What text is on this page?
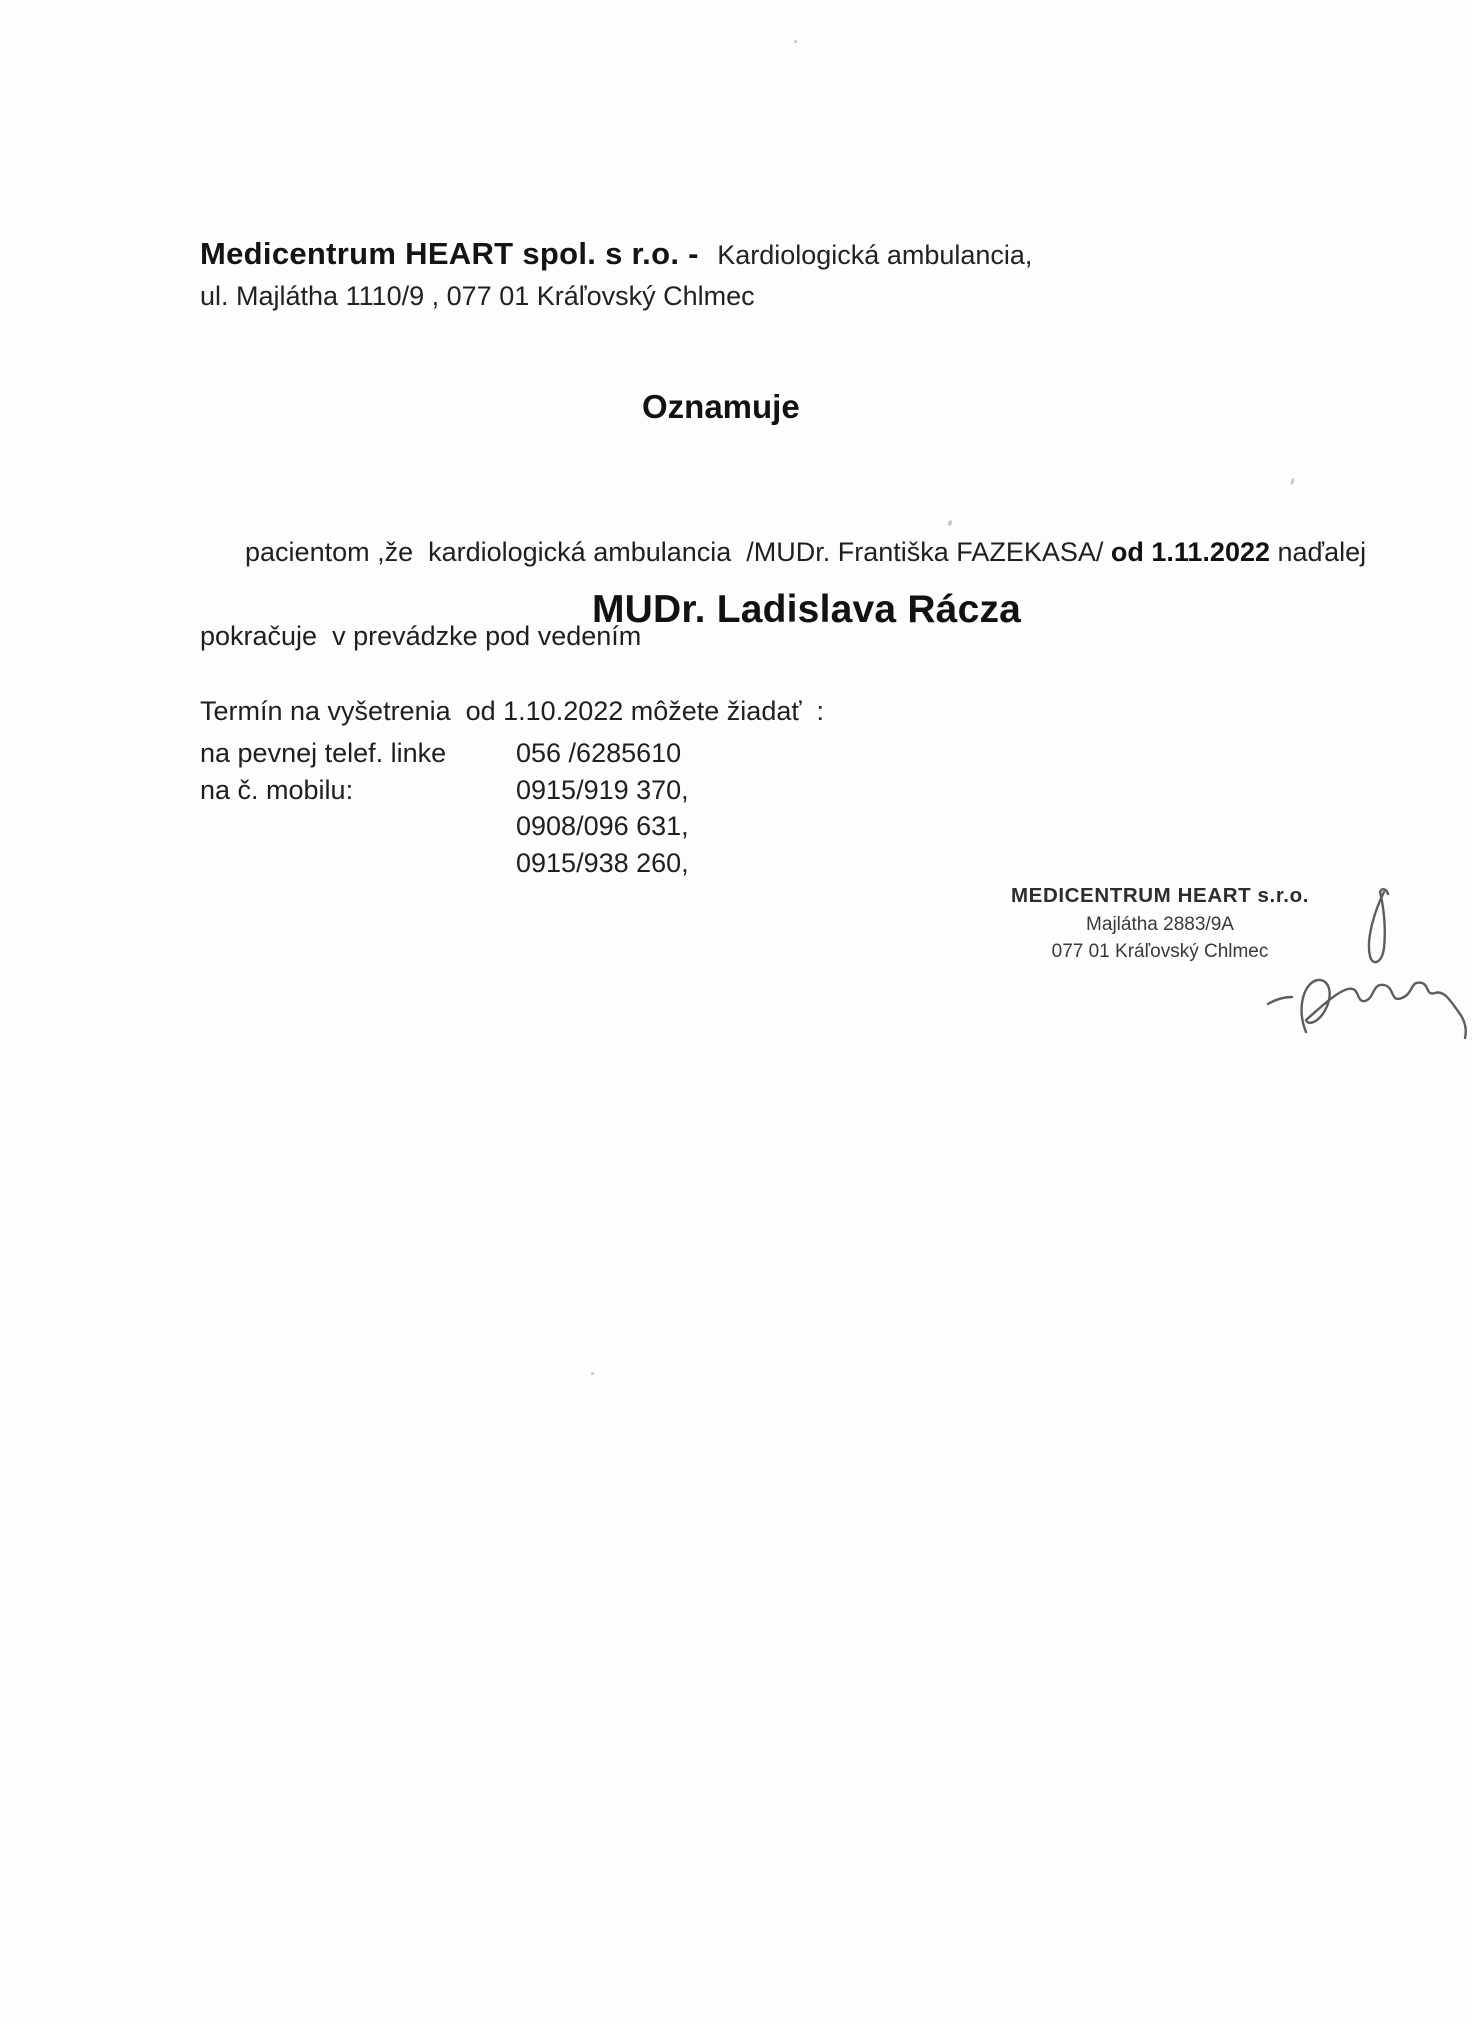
Medicentrum HEART spol. s r.o. - Kardiologická ambulancia,
ul. Majlátha 1110/9 , 077 01 Kráľovský Chlmec
Oznamuje

pacientom ,že  kardiologická ambulancia  /MUDr. Františka FAZEKASA/ od 1.11.2022 naďalej

pokračuje  v prevádzke pod vedením
MUDr. Ladislava Rácza
Termín na vyšetrenia  od 1.10.2022 môžete žiadať  :
na pevnej telef. linke	056 /6285610
na č. mobilu:	0915/919 370,
0908/096 631,
0915/938 260,
MEDICENTRUM HEART s.r.o.
Majlátha 2883/9A
077 01 Kráľovský Chlmec
